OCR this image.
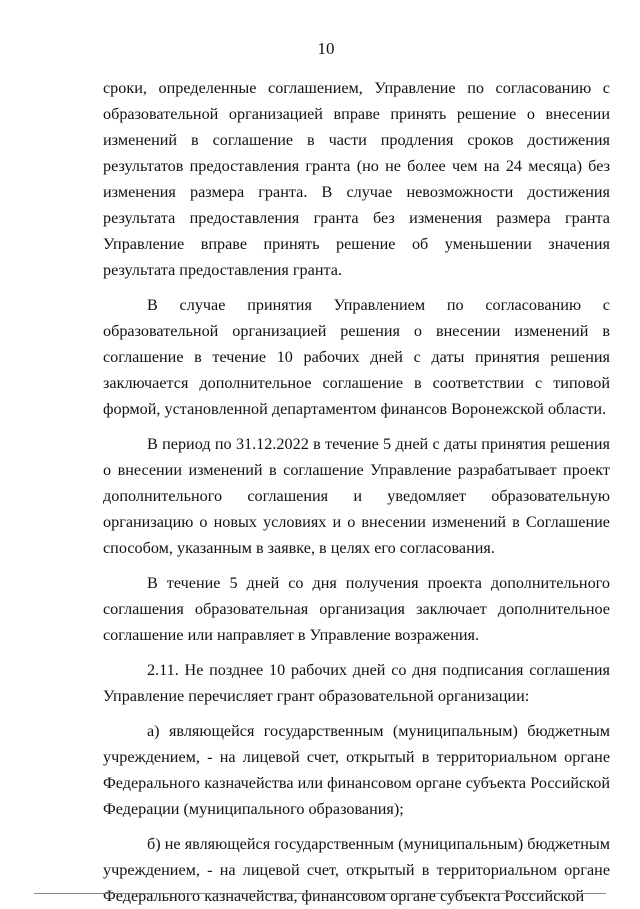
10

сроки, определенные соглашением, Управление по согласованию с образовательной организацией вправе принять решение о внесении изменений в соглашение в части продления сроков достижения результатов предоставления гранта (но не более чем на 24 месяца) без изменения размера гранта. В случае невозможности достижения результата предоставления гранта без изменения размера гранта Управление вправе принять решение об уменьшении значения результата предоставления гранта.

В случае принятия Управлением по согласованию с образовательной организацией решения о внесении изменений в соглашение в течение 10 рабочих дней с даты принятия решения заключается дополнительное соглашение в соответствии с типовой формой, установленной департаментом финансов Воронежской области.

В период по 31.12.2022 в течение 5 дней с даты принятия решения о внесении изменений в соглашение Управление разрабатывает проект дополнительного соглашения и уведомляет образовательную организацию о новых условиях и о внесении изменений в Соглашение способом, указанным в заявке, в целях его согласования.

В течение 5 дней со дня получения проекта дополнительного соглашения образовательная организация заключает дополнительное соглашение или направляет в Управление возражения.

2.11. Не позднее 10 рабочих дней со дня подписания соглашения Управление перечисляет грант образовательной организации:

а) являющейся государственным (муниципальным) бюджетным учреждением, - на лицевой счет, открытый в территориальном органе Федерального казначейства или финансовом органе субъекта Российской Федерации (муниципального образования);

б) не являющейся государственным (муниципальным) бюджетным учреждением, - на лицевой счет, открытый в территориальном органе Федерального казначейства, финансовом органе субъекта Российской
